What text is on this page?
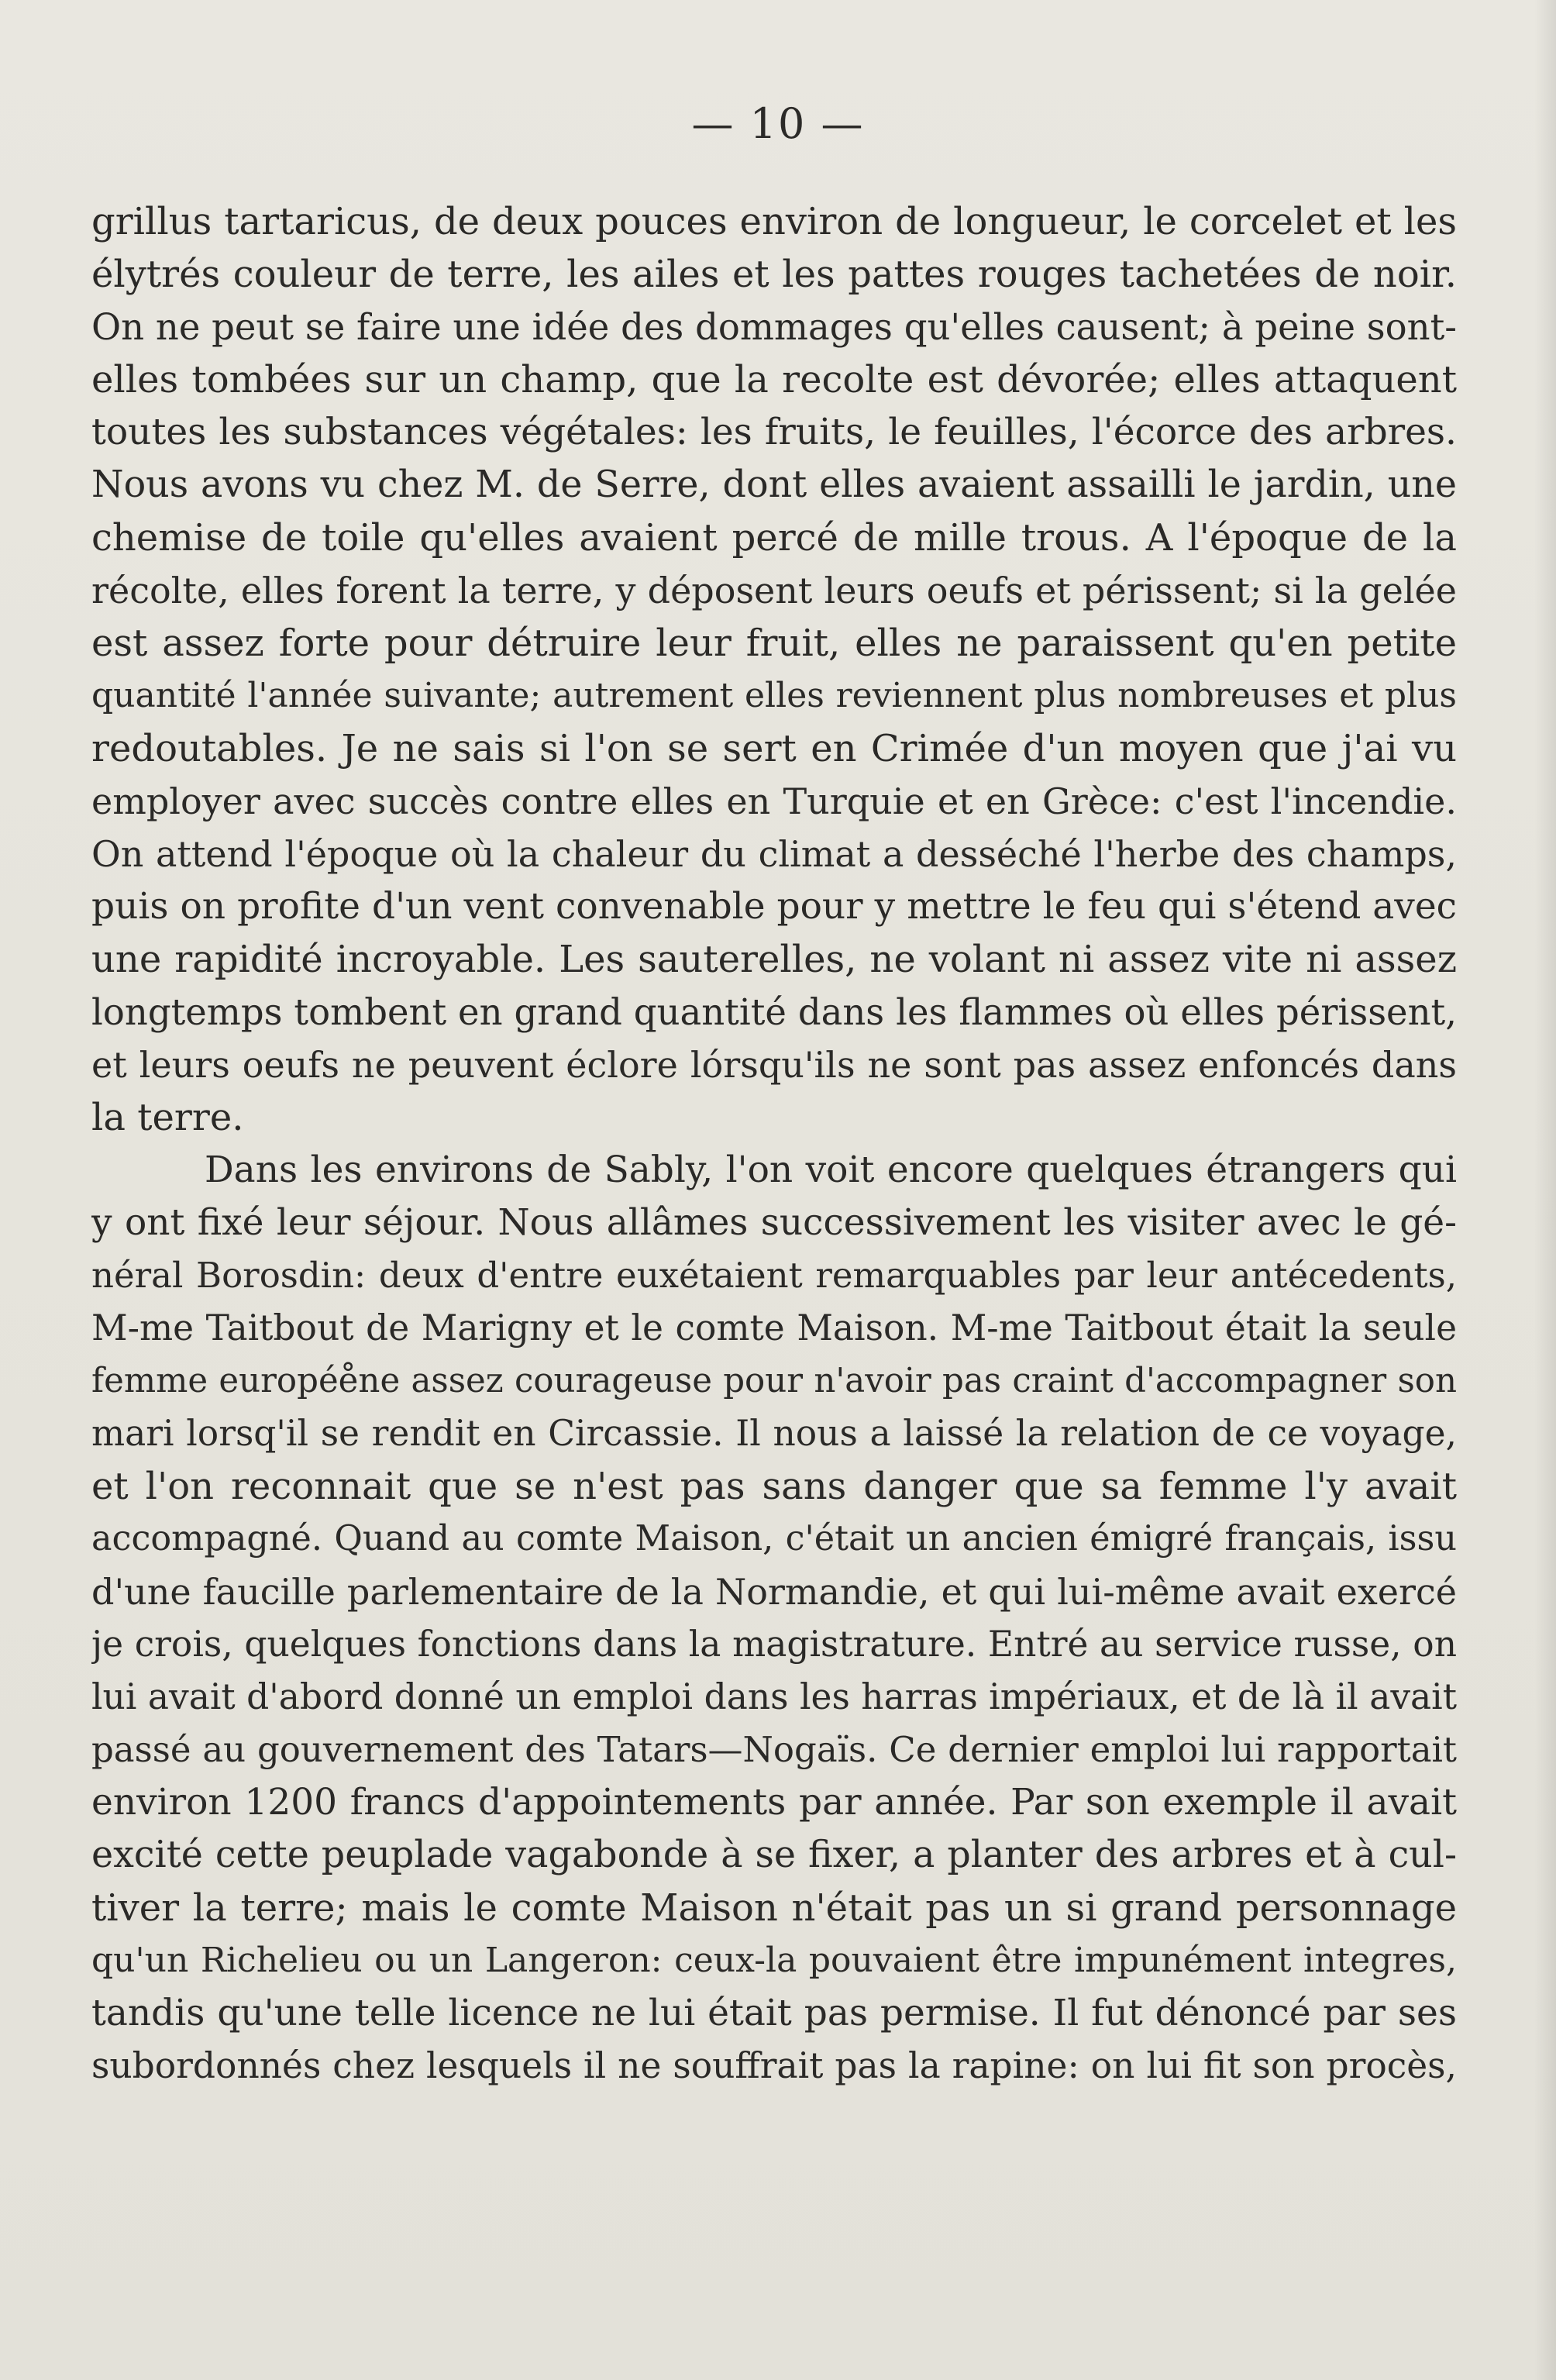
— 10 —
grillus tartaricus, de deux pouces environ de longueur, le corcelet et les
élytrés couleur de terre, les ailes et les pattes rouges tachetées de noir.
On ne peut se faire une idée des dommages qu'elles causent; à peine sont-
elles tombées sur un champ, que la recolte est dévorée; elles attaquent
toutes les substances végétales: les fruits, le feuilles, l'écorce des arbres.
Nous avons vu chez M. de Serre, dont elles avaient assailli le jardin, une
chemise de toile qu'elles avaient percé de mille trous. A l'époque de la
récolte, elles forent la terre, y déposent leurs oeufs et périssent; si la gelée
est assez forte pour détruire leur fruit, elles ne paraissent qu'en petite
quantité l'année suivante; autrement elles reviennent plus nombreuses et plus
redoutables. Je ne sais si l'on se sert en Crimée d'un moyen que j'ai vu
employer avec succès contre elles en Turquie et en Grèce: c'est l'incendie.
On attend l'époque où la chaleur du climat a desséché l'herbe des champs,
puis on profite d'un vent convenable pour y mettre le feu qui s'étend avec
une rapidité incroyable. Les sauterelles, ne volant ni assez vite ni assez
longtemps tombent en grand quantité dans les flammes où elles périssent,
et leurs oeufs ne peuvent éclore lórsqu'ils ne sont pas assez enfoncés dans
la terre.
Dans les environs de Sably, l'on voit encore quelques étrangers qui
y ont fixé leur séjour. Nous allâmes successivement les visiter avec le gé-
néral Borosdin: deux d'entre euxétaient remarquables par leur antécedents,
M-me Taitbout de Marigny et le comte Maison. M-me Taitbout était la seule
femme europée̊ne assez courageuse pour n'avoir pas craint d'accompagner son
mari lorsq'il se rendit en Circassie. Il nous a laissé la relation de ce voyage,
et l'on reconnait que se n'est pas sans danger que sa femme l'y avait
accompagné. Quand au comte Maison, c'était un ancien émigré français, issu
d'une faucille parlementaire de la Normandie, et qui lui-même avait exercé
je crois, quelques fonctions dans la magistrature. Entré au service russe, on
lui avait d'abord donné un emploi dans les harras impériaux, et de là il avait
passé au gouvernement des Tatars—Nogaïs. Ce dernier emploi lui rapportait
environ 1200 francs d'appointements par année. Par son exemple il avait
excité cette peuplade vagabonde à se fixer, a planter des arbres et à cul-
tiver la terre; mais le comte Maison n'était pas un si grand personnage
qu'un Richelieu ou un Langeron: ceux-la pouvaient être impunément integres,
tandis qu'une telle licence ne lui était pas permise. Il fut dénoncé par ses
subordonnés chez lesquels il ne souffrait pas la rapine: on lui fit son procès,
